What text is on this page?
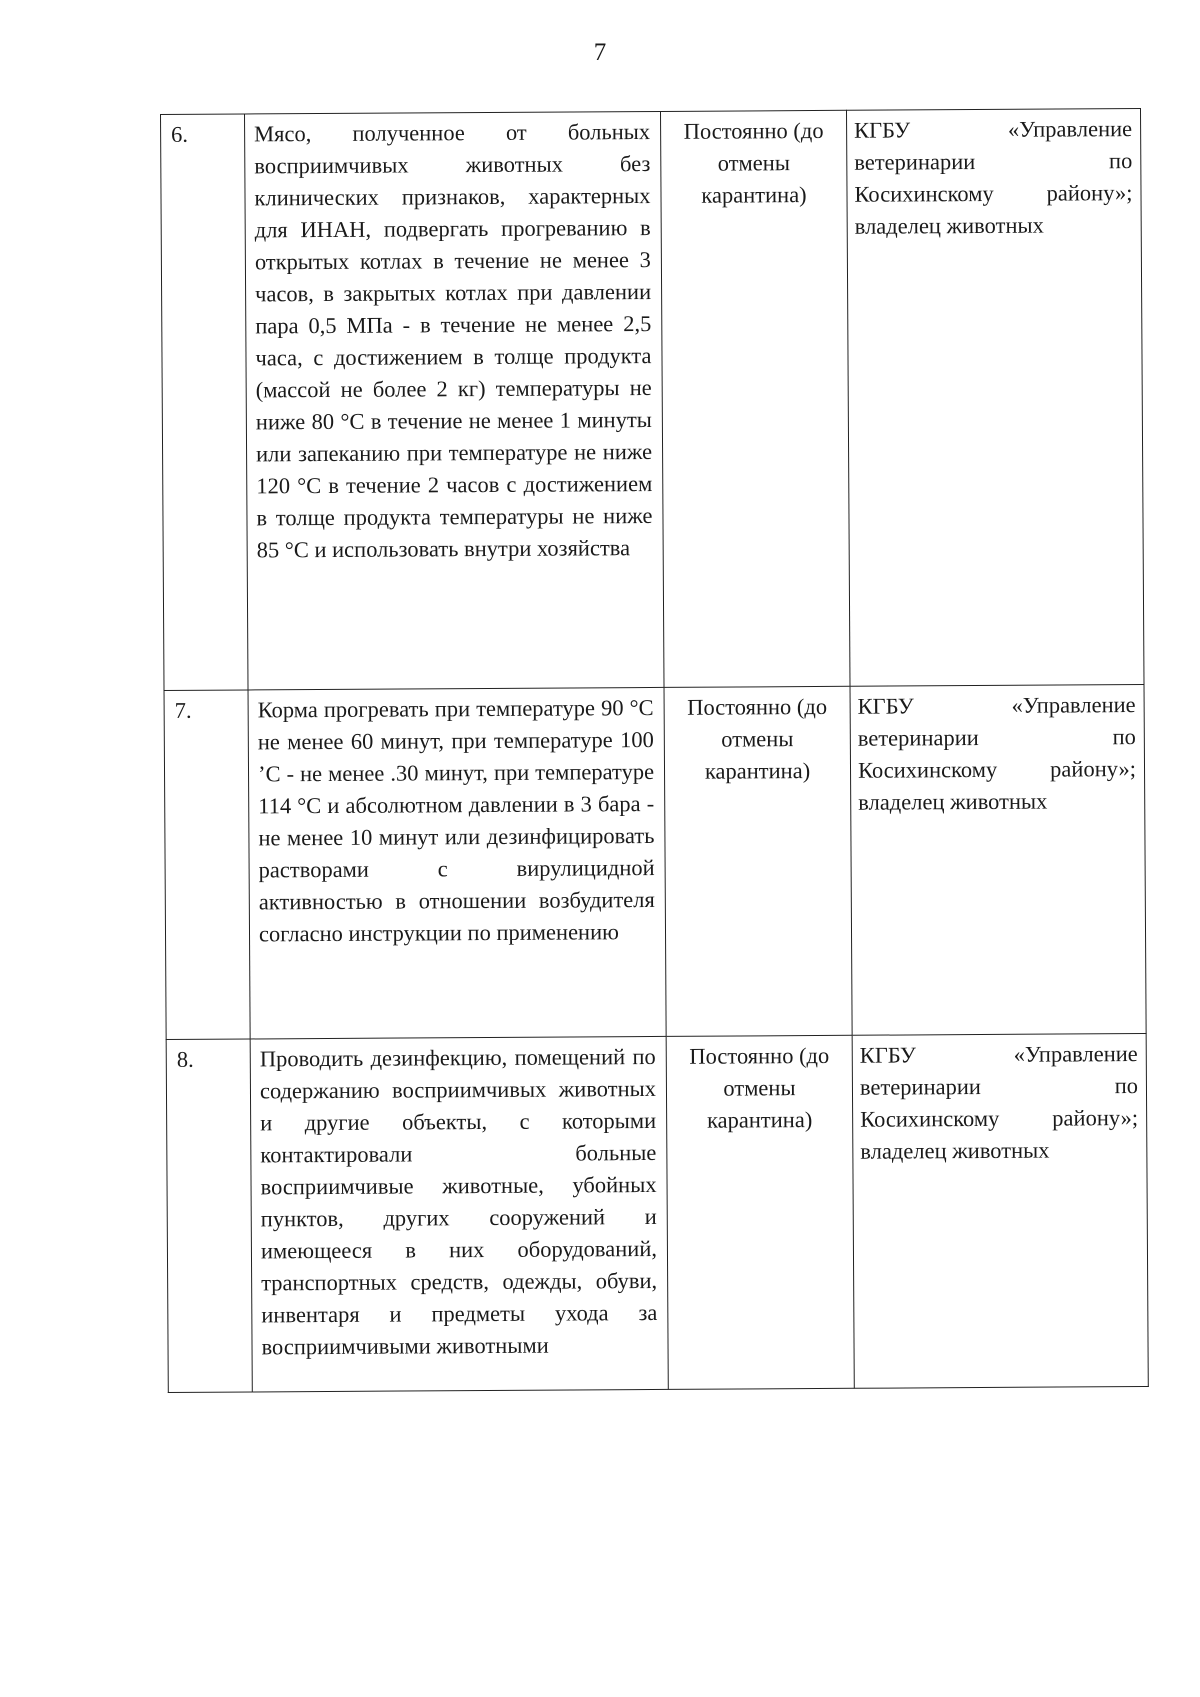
7
6.	Мясо, полученное от больных восприимчивых животных без клинических признаков, характерных для ИНАН, подвергать прогреванию в открытых котлах в течение не менее 3 часов, в закрытых котлах при давлении пара 0,5 МПа - в течение не менее 2,5 часа, с достижением в толще продукта (массой не более 2 кг) температуры не ниже 80 °С в течение не менее 1 минуты или запеканию при температуре не ниже 120 °С в течение 2 часов с достижением в толще продукта температуры не ниже 85 °С и использовать внутри хозяйства	Постоянно (до отмены карантина)	КГБУ «Управление ветеринарии по Косихинскому району»; владелец животных
7.	Корма прогревать при температуре 90 °С не менее 60 минут, при температуре 100 ’С - не менее .30 минут, при температуре 114 °С и абсолютном давлении в 3 бара - не менее 10 минут или дезинфицировать растворами с вирулицидной активностью в отношении возбудителя согласно инструкции по применению	Постоянно (до отмены карантина)	КГБУ «Управление ветеринарии по Косихинскому району»; владелец животных
8.	Проводить дезинфекцию, помещений по содержанию восприимчивых животных и другие объекты, с которыми контактировали больные восприимчивые животные, убойных пунктов, других сооружений и имеющееся в них оборудований, транспортных средств, одежды, обуви, инвентаря и предметы ухода за восприимчивыми животными	Постоянно (до отмены карантина)	КГБУ «Управление ветеринарии по Косихинскому району»; владелец животных
